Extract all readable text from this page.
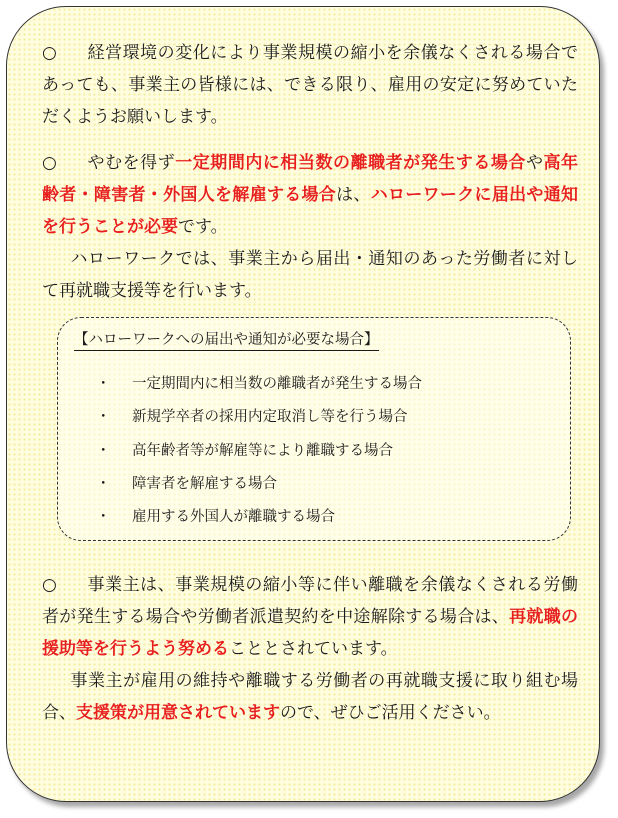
○ 経営環境の変化により事業規模の縮小を余儀なくされる場合であっても、事業主の皆様には、できる限り、雇用の安定に努めていただくようお願いします。
○ やむを得ず一定期間内に相当数の離職者が発生する場合や高年齢者・障害者・外国人を解雇する場合は、ハローワークに届出や通知を行うことが必要です。
ハローワークでは、事業主から届出・通知のあった労働者に対して再就職支援等を行います。
【ハローワークへの届出や通知が必要な場合】
・ 一定期間内に相当数の離職者が発生する場合
・ 新規学卒者の採用内定取消し等を行う場合
・ 高年齢者等が解雇等により離職する場合
・ 障害者を解雇する場合
・ 雇用する外国人が離職する場合
○ 事業主は、事業規模の縮小等に伴い離職を余儀なくされる労働者が発生する場合や労働者派遣契約を中途解除する場合は、再就職の援助等を行うよう努めることとされています。
事業主が雇用の維持や離職する労働者の再就職支援に取り組む場合、支援策が用意されていますので、ぜひご活用ください。
